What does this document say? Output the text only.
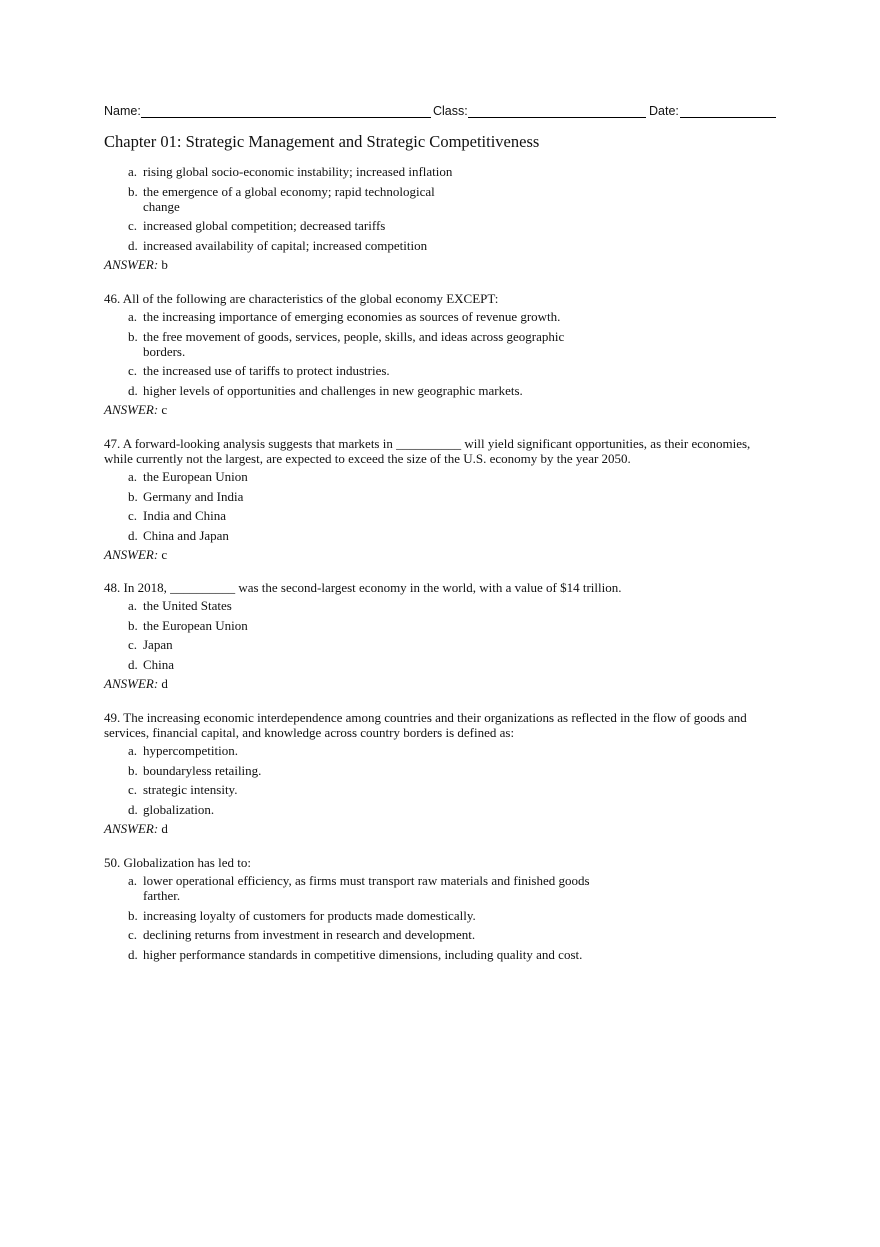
Name:	Class:	Date:
Chapter 01: Strategic Management and Strategic Competitiveness
a. rising global socio-economic instability; increased inflation
b. the emergence of a global economy; rapid technological change
c. increased global competition; decreased tariffs
d. increased availability of capital; increased competition
ANSWER: b

46. All of the following are characteristics of the global economy EXCEPT:

a. the increasing importance of emerging economies as sources of revenue growth.
b. the free movement of goods, services, people, skills, and ideas across geographic borders.
c. the increased use of tariffs to protect industries.
d. higher levels of opportunities and challenges in new geographic markets.
ANSWER: c

47. A forward-looking analysis suggests that markets in __________ will yield significant opportunities, as their economies, while currently not the largest, are expected to exceed the size of the U.S. economy by the year 2050.

a. the European Union
b. Germany and India
c. India and China
d. China and Japan
ANSWER: c

48. In 2018, __________ was the second-largest economy in the world, with a value of $14 trillion.

a. the United States
b. the European Union
c. Japan
d. China
ANSWER: d

49. The increasing economic interdependence among countries and their organizations as reflected in the flow of goods and services, financial capital, and knowledge across country borders is defined as:

a. hypercompetition.
b. boundaryless retailing.
c. strategic intensity.
d. globalization.
ANSWER: d

50. Globalization has led to:

a. lower operational efficiency, as firms must transport raw materials and finished goods farther.
b. increasing loyalty of customers for products made domestically.
c. declining returns from investment in research and development.
d. higher performance standards in competitive dimensions, including quality and cost.
